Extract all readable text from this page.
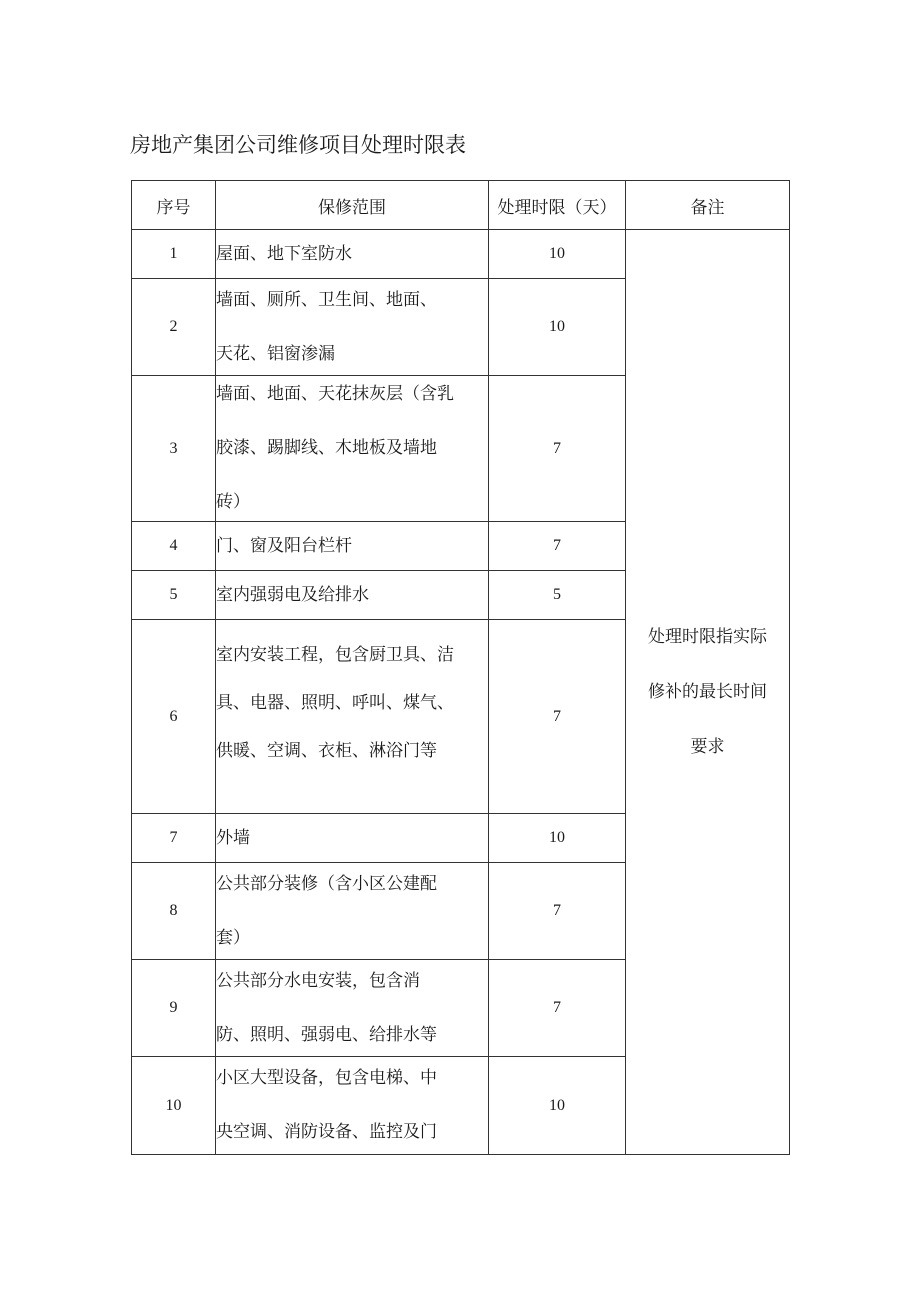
房地产集团公司维修项目处理时限表
序号	保修范围	处理时限（天）	备注
1	屋面、地下室防水	10	处理时限指实际
修补的最长时间
要求

2	墙面、厕所、卫生间、地面、
天花、铝窗渗漏	10	
3	墙面、地面、天花抹灰层（含乳
胶漆、踢脚线、木地板及墙地
砖）	7	
4	门、窗及阳台栏杆	7	
5	室内强弱电及给排水	5	
6	室内安装工程，包含厨卫具、洁
具、电器、照明、呼叫、煤气、
供暖、空调、衣柜、淋浴门等	7	
7	外墙	10	
8	公共部分装修（含小区公建配
套）	7	
9	公共部分水电安装，包含消
防、照明、强弱电、给排水等	7	
10	小区大型设备，包含电梯、中
央空调、消防设备、监控及门	10	
